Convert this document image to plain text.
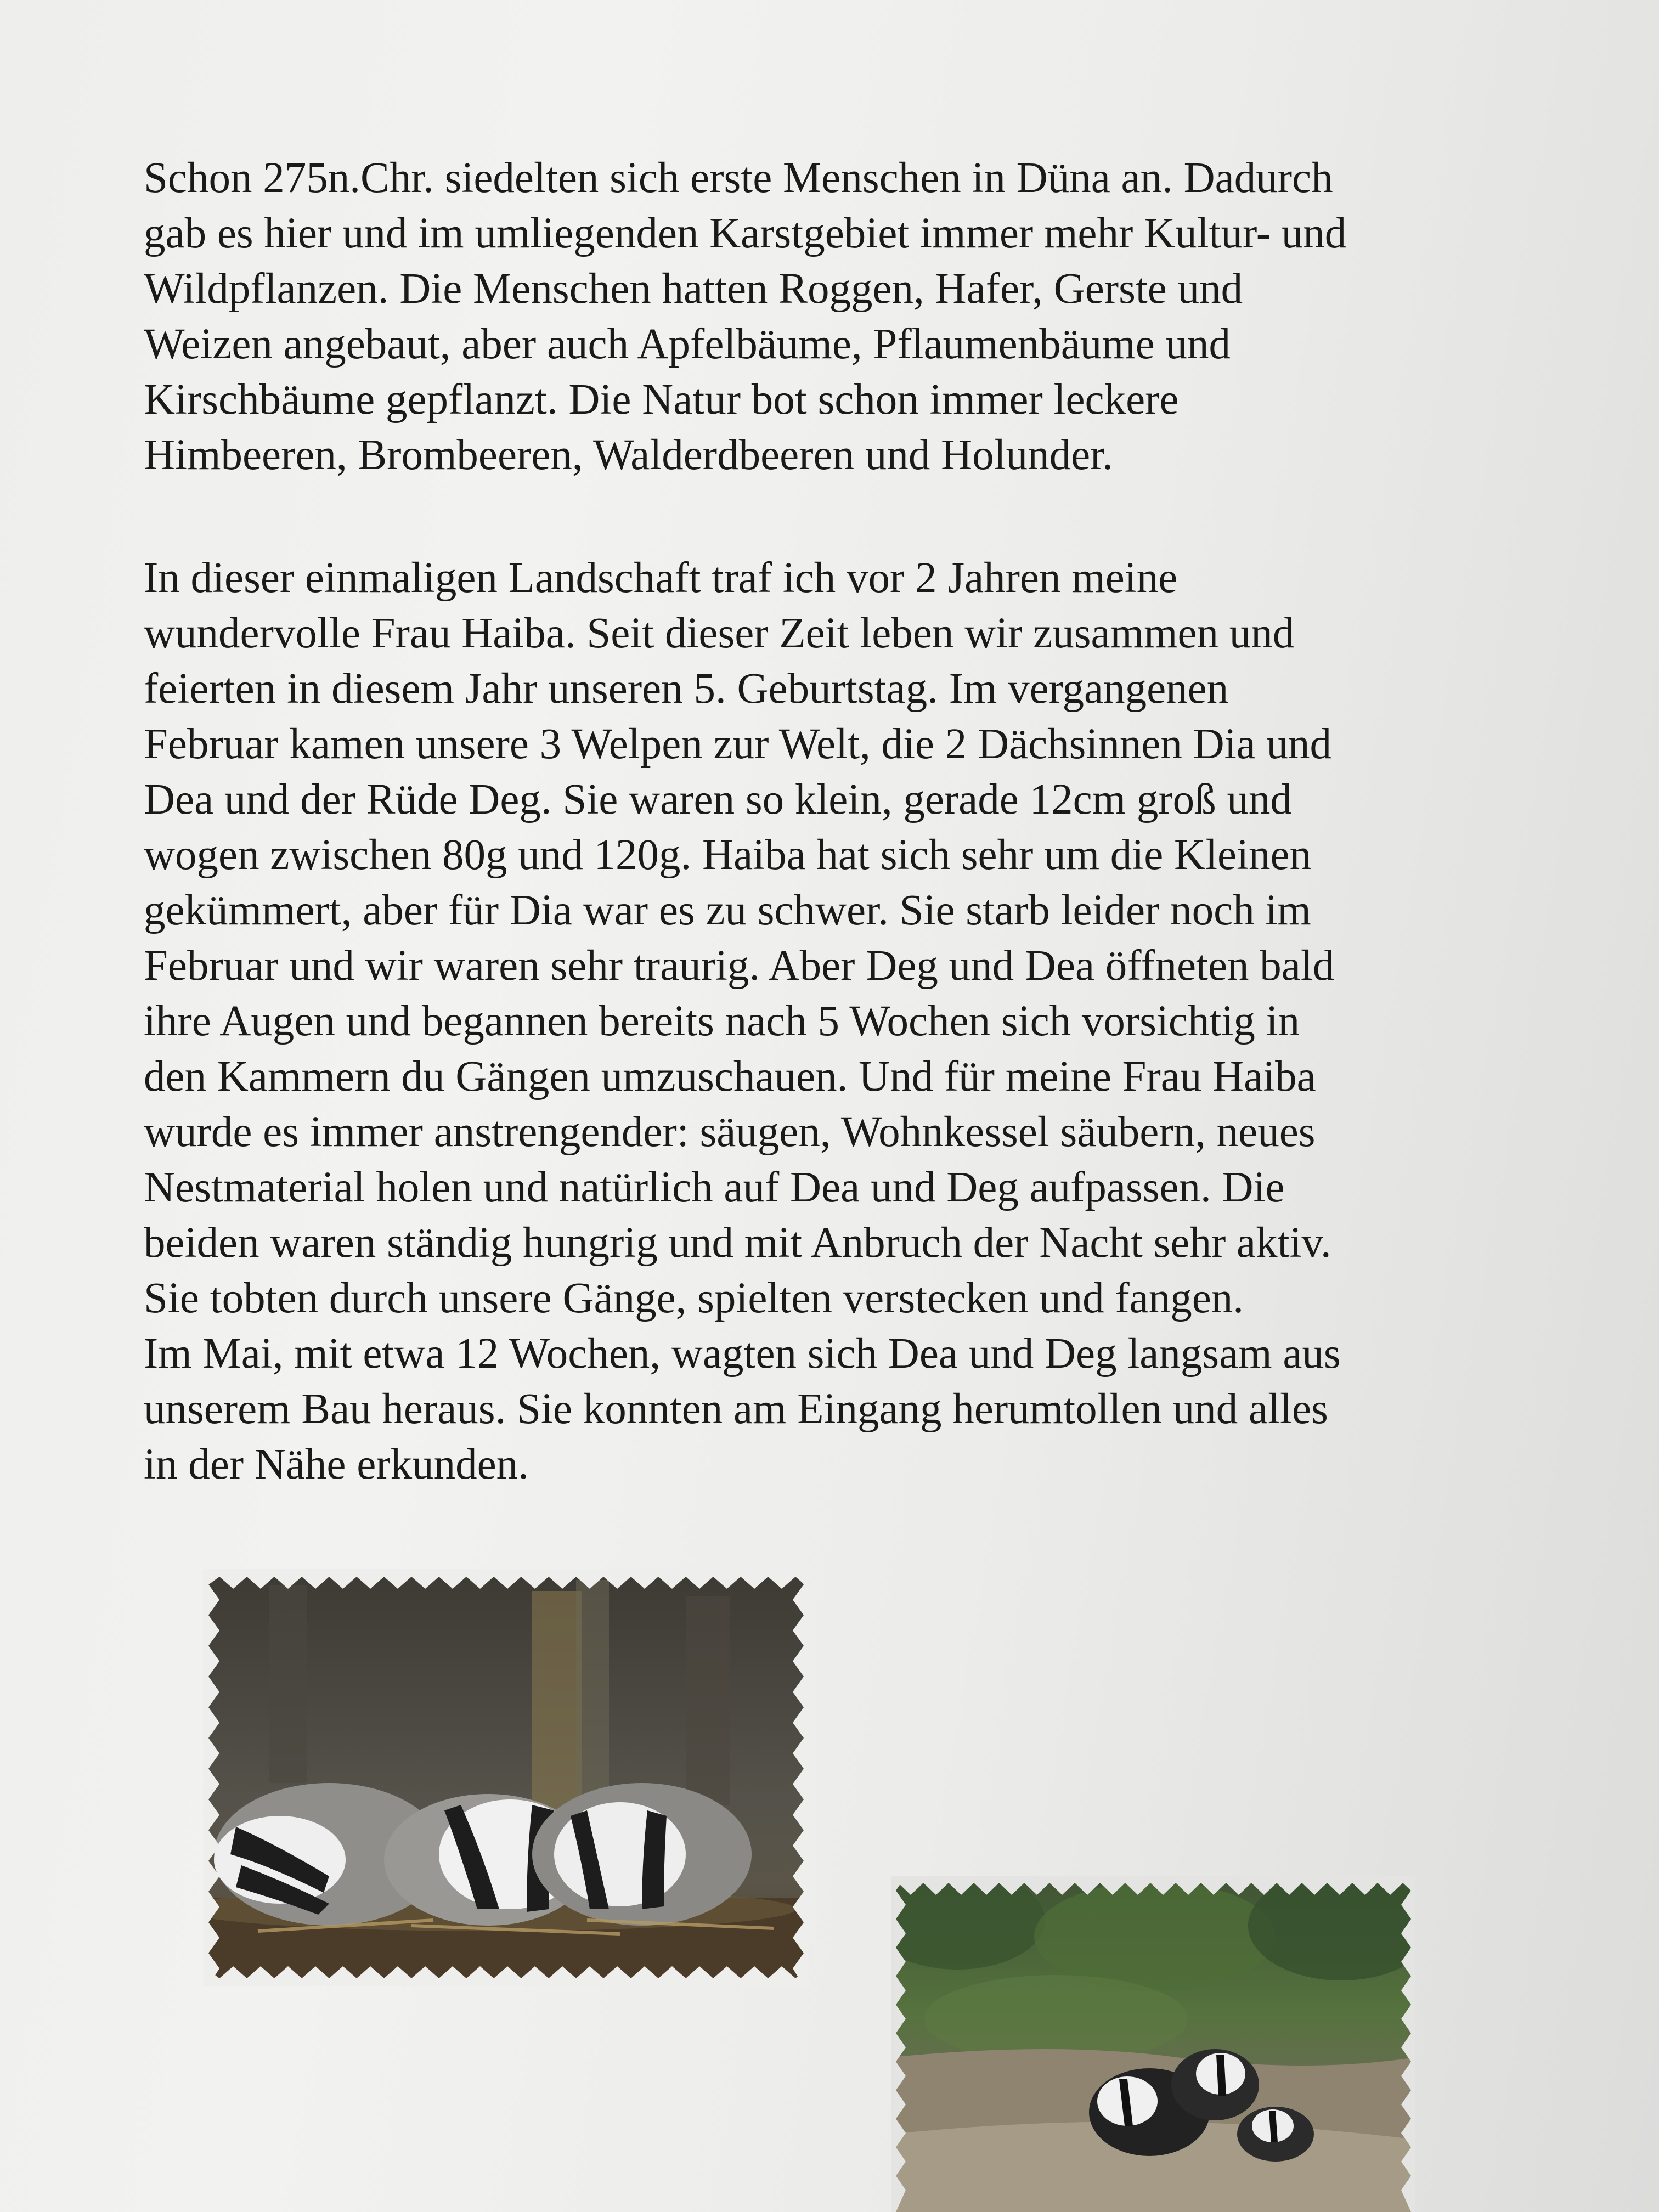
Schon 275n.Chr. siedelten sich erste Menschen in Düna an. Dadurch
gab es hier und im umliegenden Karstgebiet immer mehr Kultur- und
Wildpflanzen. Die Menschen hatten Roggen, Hafer, Gerste und
Weizen angebaut, aber auch Apfelbäume, Pflaumenbäume und
Kirschbäume gepflanzt. Die Natur bot schon immer leckere
Himbeeren, Brombeeren, Walderdbeeren und Holunder.
In dieser einmaligen Landschaft traf ich vor 2 Jahren meine
wundervolle Frau Haiba. Seit dieser Zeit leben wir zusammen und
feierten in diesem Jahr unseren 5. Geburtstag. Im vergangenen
Februar kamen unsere 3 Welpen zur Welt, die 2 Dächsinnen Dia und
Dea und der Rüde Deg. Sie waren so klein, gerade 12cm groß und
wogen zwischen 80g und 120g. Haiba hat sich sehr um die Kleinen
gekümmert, aber für Dia war es zu schwer. Sie starb leider noch im
Februar und wir waren sehr traurig. Aber Deg und Dea öffneten bald
ihre Augen und begannen bereits nach 5 Wochen sich vorsichtig in
den Kammern du Gängen umzuschauen. Und für meine Frau Haiba
wurde es immer anstrengender: säugen, Wohnkessel säubern, neues
Nestmaterial holen und natürlich auf Dea und Deg aufpassen. Die
beiden waren ständig hungrig und mit Anbruch der Nacht sehr aktiv.
Sie tobten durch unsere Gänge, spielten verstecken und fangen.
Im Mai, mit etwa 12 Wochen, wagten sich Dea und Deg langsam aus
unserem Bau heraus. Sie konnten am Eingang herumtollen und alles
in der Nähe erkunden.
